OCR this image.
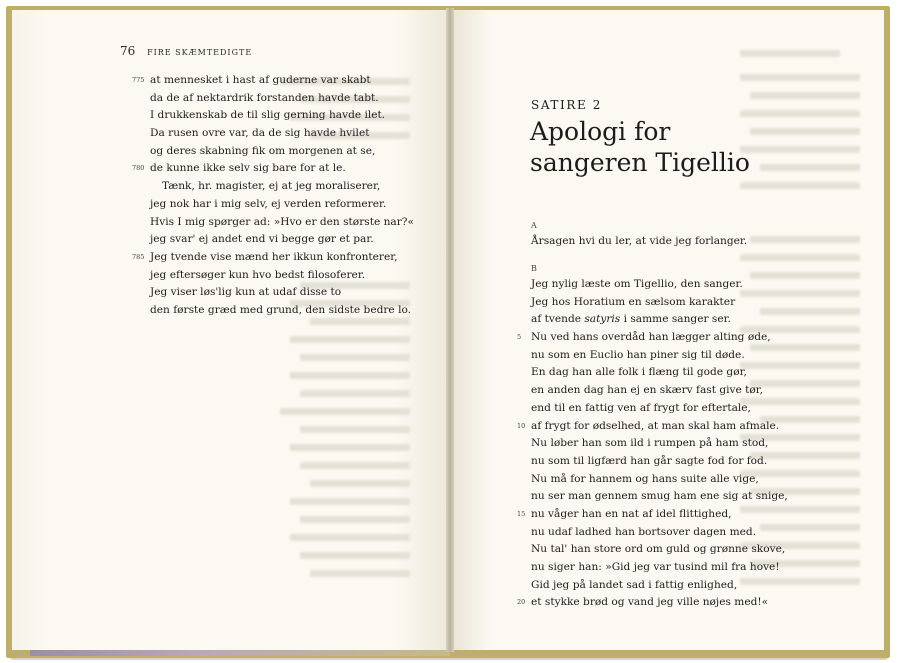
76 FIRE SKÆMTEDIGTE
775 at mennesket i hast af guderne var skabt
da de af nektardrik forstanden havde tabt.
I drukkenskab de til slig gerning havde ilet.
Da rusen ovre var, da de sig havde hvilet
og deres skabning fik om morgenen at se,
780 de kunne ikke selv sig bare for at le.
Tænk, hr. magister, ej at jeg moraliserer,
jeg nok har i mig selv, ej verden reformerer.
Hvis I mig spørger ad: »Hvo er den største nar?«
jeg svar' ej andet end vi begge gør et par.
785 Jeg tvende vise mænd her ikkun konfronterer,
jeg eftersøger kun hvo bedst filosoferer.
Jeg viser løs'lig kun at udaf disse to
den første græd med grund, den sidste bedre lo.
SATIRE 2
Apologi for
sangeren Tigellio
A
Årsagen hvi du ler, at vide jeg forlanger.
B
Jeg nylig læste om Tigellio, den sanger.
Jeg hos Horatium en sælsom karakter
af tvende satyris i samme sanger ser.
5 Nu ved hans overdåd han lægger alting øde,
nu som en Euclio han piner sig til døde.
En dag han alle folk i flæng til gode gør,
en anden dag han ej en skærv fast give tør,
end til en fattig ven af frygt for eftertale,
10 af frygt for ødselhed, at man skal ham afmale.
Nu løber han som ild i rumpen på ham stod,
nu som til ligfærd han går sagte fod for fod.
Nu må for hannem og hans suite alle vige,
nu ser man gennem smug ham ene sig at snige,
15 nu våger han en nat af idel flittighed,
nu udaf ladhed han bortsover dagen med.
Nu tal' han store ord om guld og grønne skove,
nu siger han: »Gid jeg var tusind mil fra hove!
Gid jeg på landet sad i fattig enlighed,
20 et stykke brød og vand jeg ville nøjes med!«
